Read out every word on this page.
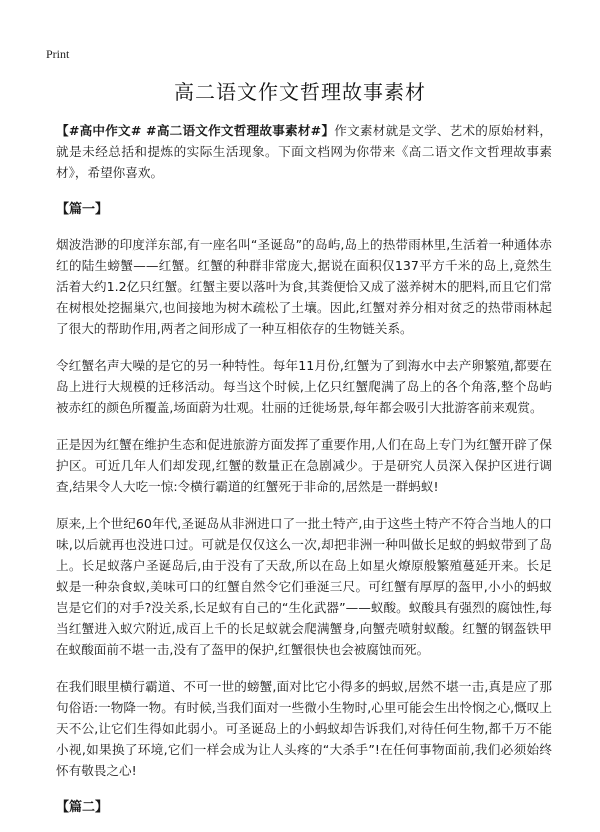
Print
高二语文作文哲理故事素材

【#高中作文# #高二语文作文哲理故事素材#】作文素材就是文学、艺术的原始材料，就是未经总括和提炼的实际生活现象。下面文档网为你带来《高二语文作文哲理故事素材》，希望你喜欢。

【篇一】

烟波浩渺的印度洋东部,有一座名叫“圣诞岛”的岛屿,岛上的热带雨林里,生活着一种通体赤红的陆生螃蟹——红蟹。红蟹的种群非常庞大,据说在面积仅137平方千米的岛上,竟然生活着大约1.2亿只红蟹。红蟹主要以落叶为食,其粪便恰又成了滋养树木的肥料,而且它们常在树根处挖掘巢穴,也间接地为树木疏松了土壤。因此,红蟹对养分相对贫乏的热带雨林起了很大的帮助作用,两者之间形成了一种互相依存的生物链关系。

令红蟹名声大噪的是它的另一种特性。每年11月份,红蟹为了到海水中去产卵繁殖,都要在岛上进行大规模的迁移活动。每当这个时候,上亿只红蟹爬满了岛上的各个角落,整个岛屿被赤红的颜色所覆盖,场面蔚为壮观。壮丽的迁徙场景,每年都会吸引大批游客前来观赏。

正是因为红蟹在维护生态和促进旅游方面发挥了重要作用,人们在岛上专门为红蟹开辟了保护区。可近几年人们却发现,红蟹的数量正在急剧减少。于是研究人员深入保护区进行调查,结果令人大吃一惊:令横行霸道的红蟹死于非命的,居然是一群蚂蚁!

原来,上个世纪60年代,圣诞岛从非洲进口了一批土特产,由于这些土特产不符合当地人的口味,以后就再也没进口过。可就是仅仅这么一次,却把非洲一种叫做长足蚁的蚂蚁带到了岛上。长足蚁落户圣诞岛后,由于没有了天敌,所以在岛上如星火燎原般繁殖蔓延开来。长足蚁是一种杂食蚁,美味可口的红蟹自然令它们垂涎三尺。可红蟹有厚厚的盔甲,小小的蚂蚁岂是它们的对手?没关系,长足蚁有自己的“生化武器”——蚁酸。蚁酸具有强烈的腐蚀性,每当红蟹进入蚁穴附近,成百上千的长足蚁就会爬满蟹身,向蟹壳喷射蚁酸。红蟹的钢盔铁甲在蚁酸面前不堪一击,没有了盔甲的保护,红蟹很快也会被腐蚀而死。

在我们眼里横行霸道、不可一世的螃蟹,面对比它小得多的蚂蚁,居然不堪一击,真是应了那句俗语:一物降一物。有时候,当我们面对一些微小生物时,心里可能会生出怜悯之心,慨叹上天不公,让它们生得如此弱小。可圣诞岛上的小蚂蚁却告诉我们,对待任何生物,都千万不能小视,如果换了环境,它们一样会成为让人头疼的“大杀手”!在任何事物面前,我们必须始终怀有敬畏之心!

【篇二】
